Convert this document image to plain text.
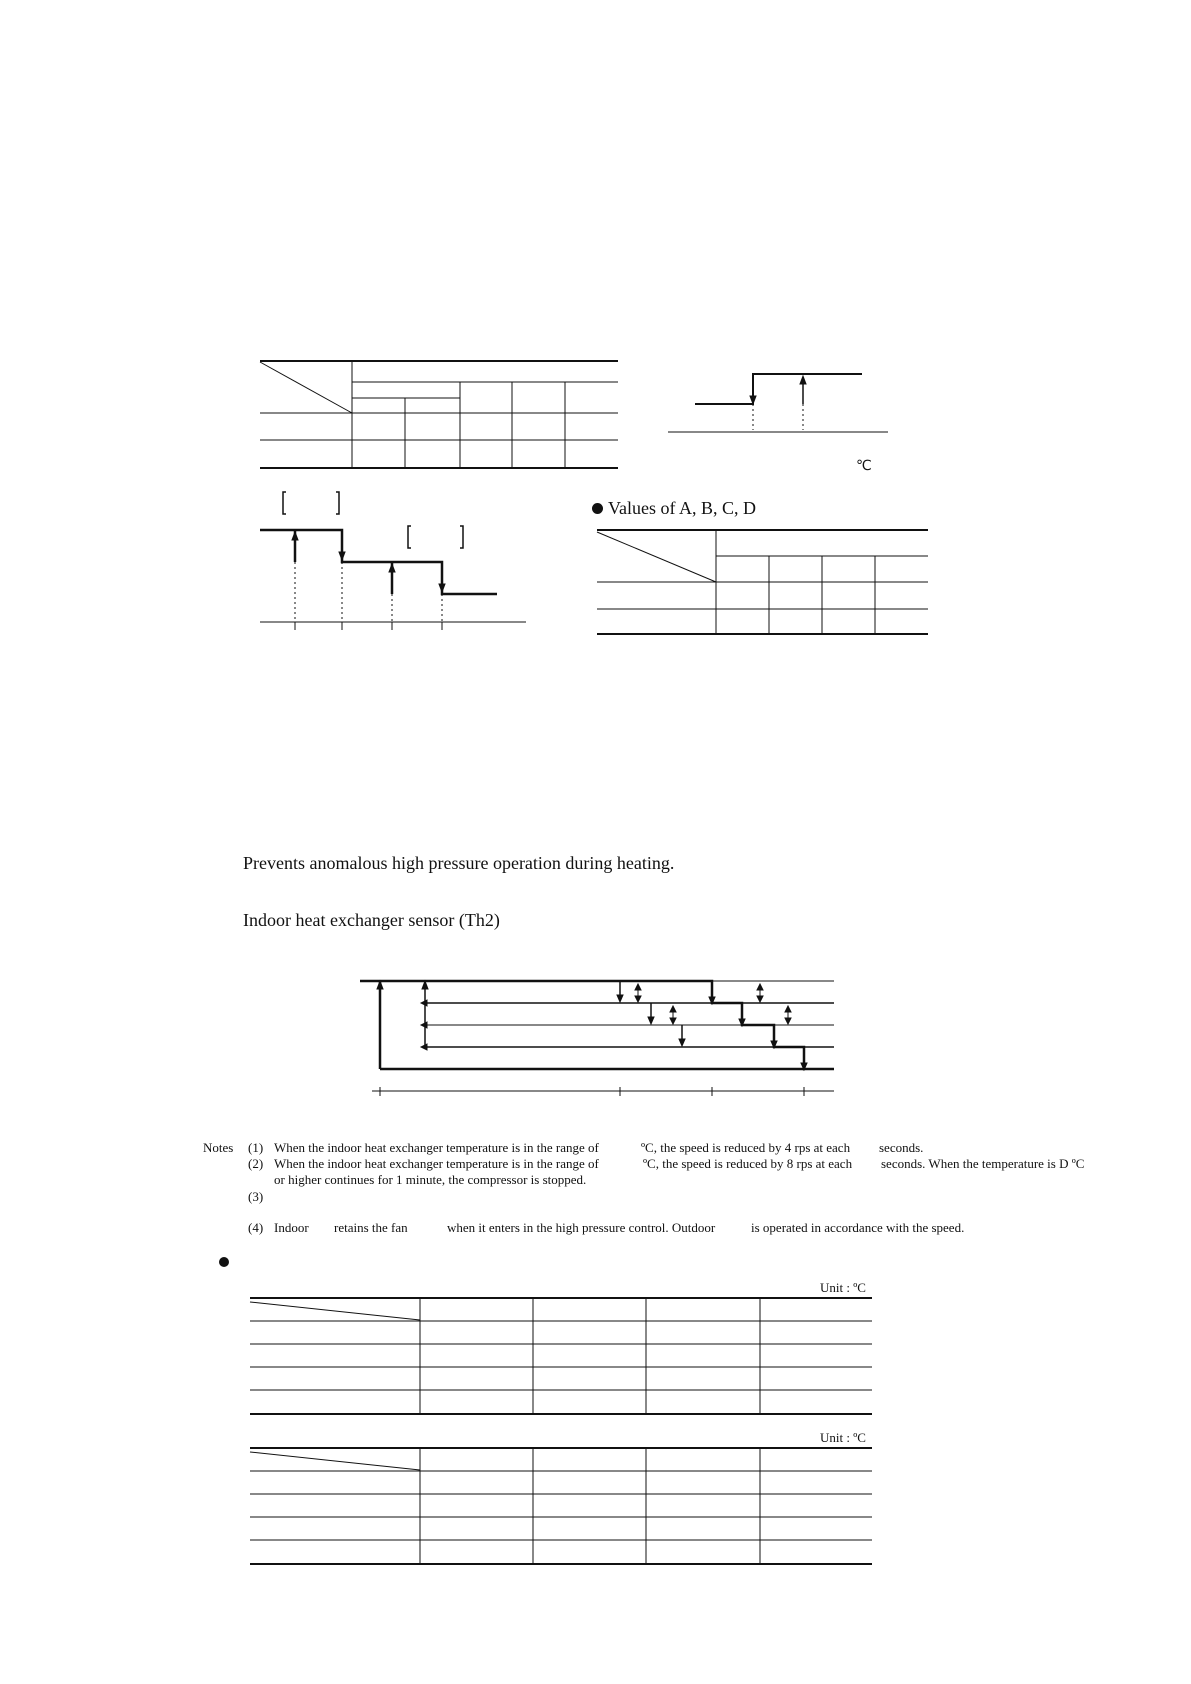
℃
Values of A, B, C, D
Prevents anomalous high pressure operation during heating.
Indoor heat exchanger sensor (Th2)
Notes (1) When the indoor heat exchanger temperature is in the range of	ºC, the speed is reduced by 4 rps at each seconds.
(2) When the indoor heat exchanger temperature is in the range of	ºC, the speed is reduced by 8 rps at each seconds. When the temperature is D ºC
or higher continues for 1 minute, the compressor is stopped.
(3)
(4) Indoor retains the fan	when it enters in the high pressure control. Outdoor	is operated in accordance with the speed.
Unit : ºC
Unit : ºC
